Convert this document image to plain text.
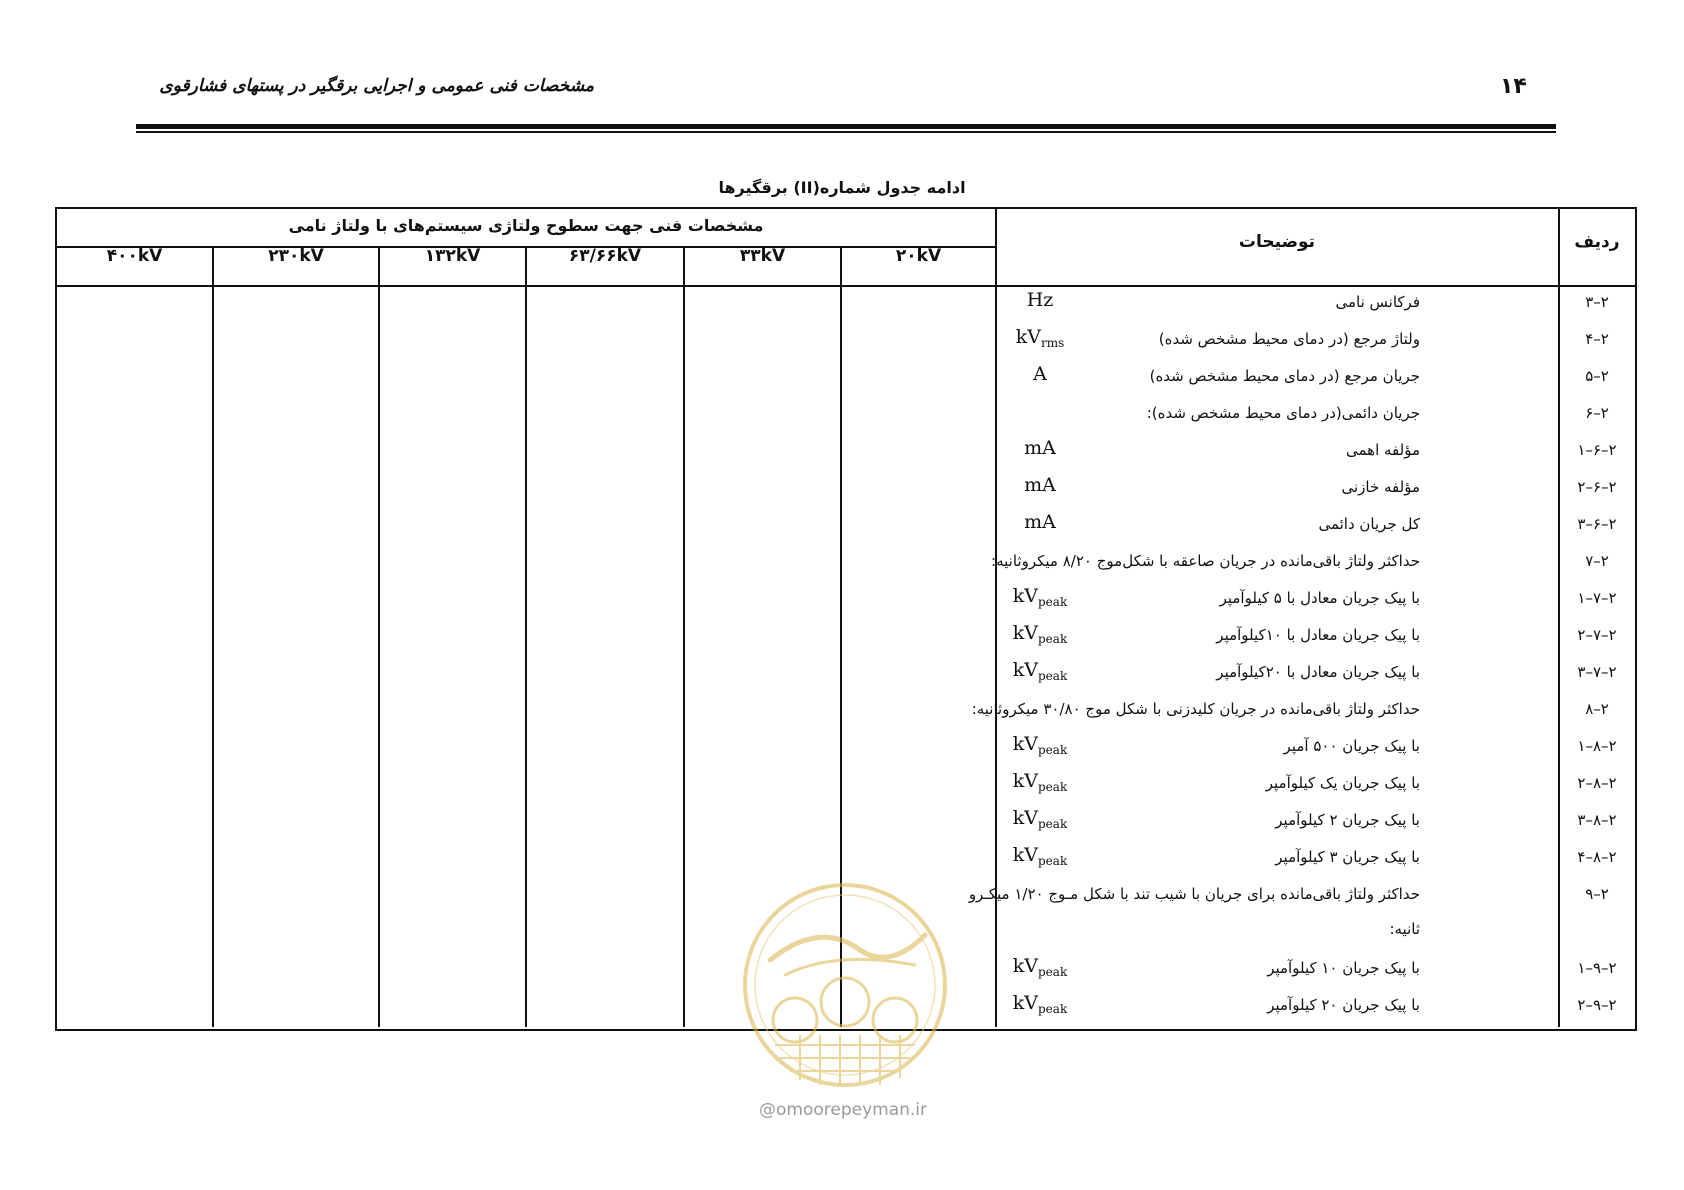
۱۴
مشخصات فنی عمومی و اجرایی برقگیر در پستهای فشارقوی
ادامه جدول شماره(II) برقگیرها
ردیف
توضیحات
مشخصات فنی جهت سطوح ولتاژی سیستم‌های با ولتاژ نامی
۲۰kV
۳۳kV
۶۳/۶۶kV
۱۳۲kV
۲۳۰kV
۴۰۰kV
۲–۳
فرکانس نامی
Hz
۲–۴
ولتاژ مرجع (در دمای محیط مشخص شده)
$kV_{rms}$
۲–۵
جریان مرجع (در دمای محیط مشخص شده)
A
۲–۶
جریان دائمی(در دمای محیط مشخص شده):
۲–۶–۱
مؤلفه اهمی
mA
۲–۶–۲
مؤلفه خازنی
mA
۲–۶–۳
کل جریان دائمی
mA
۲–۷
حداکثر ولتاژ باقی‌مانده در جریان صاعقه با شکل‌موج ۸/۲۰ میکروثانیه:
۲–۷–۱
با پیک جریان معادل با ۵ کیلوآمپر
$kV_{peak}$
۲–۷–۲
با پیک جریان معادل با ۱۰کیلوآمپر
$kV_{peak}$
۲–۷–۳
با پیک جریان معادل با ۲۰کیلوآمپر
$kV_{peak}$
۲–۸
حداکثر ولتاژ باقی‌مانده در جریان کلیدزنی با شکل موج ۳۰/۸۰ میکروثانیه:
۲–۸–۱
با پیک جریان ۵۰۰ آمپر
$kV_{peak}$
۲–۸–۲
با پیک جریان یک کیلوآمپر
$kV_{peak}$
۲–۸–۳
با پیک جریان ۲ کیلوآمپر
$kV_{peak}$
۲–۸–۴
با پیک جریان ۳ کیلوآمپر
$kV_{peak}$
۲–۹
حداکثر ولتاژ باقی‌مانده برای جریان با شیب تند با شکل مـوج ۱/۲۰ میکـرو
ثانیه:
۲–۹–۱
با پیک جریان ۱۰ کیلوآمپر
$kV_{peak}$
۲–۹–۲
با پیک جریان ۲۰ کیلوآمپر
$kV_{peak}$
@omoorepeyman.ir
